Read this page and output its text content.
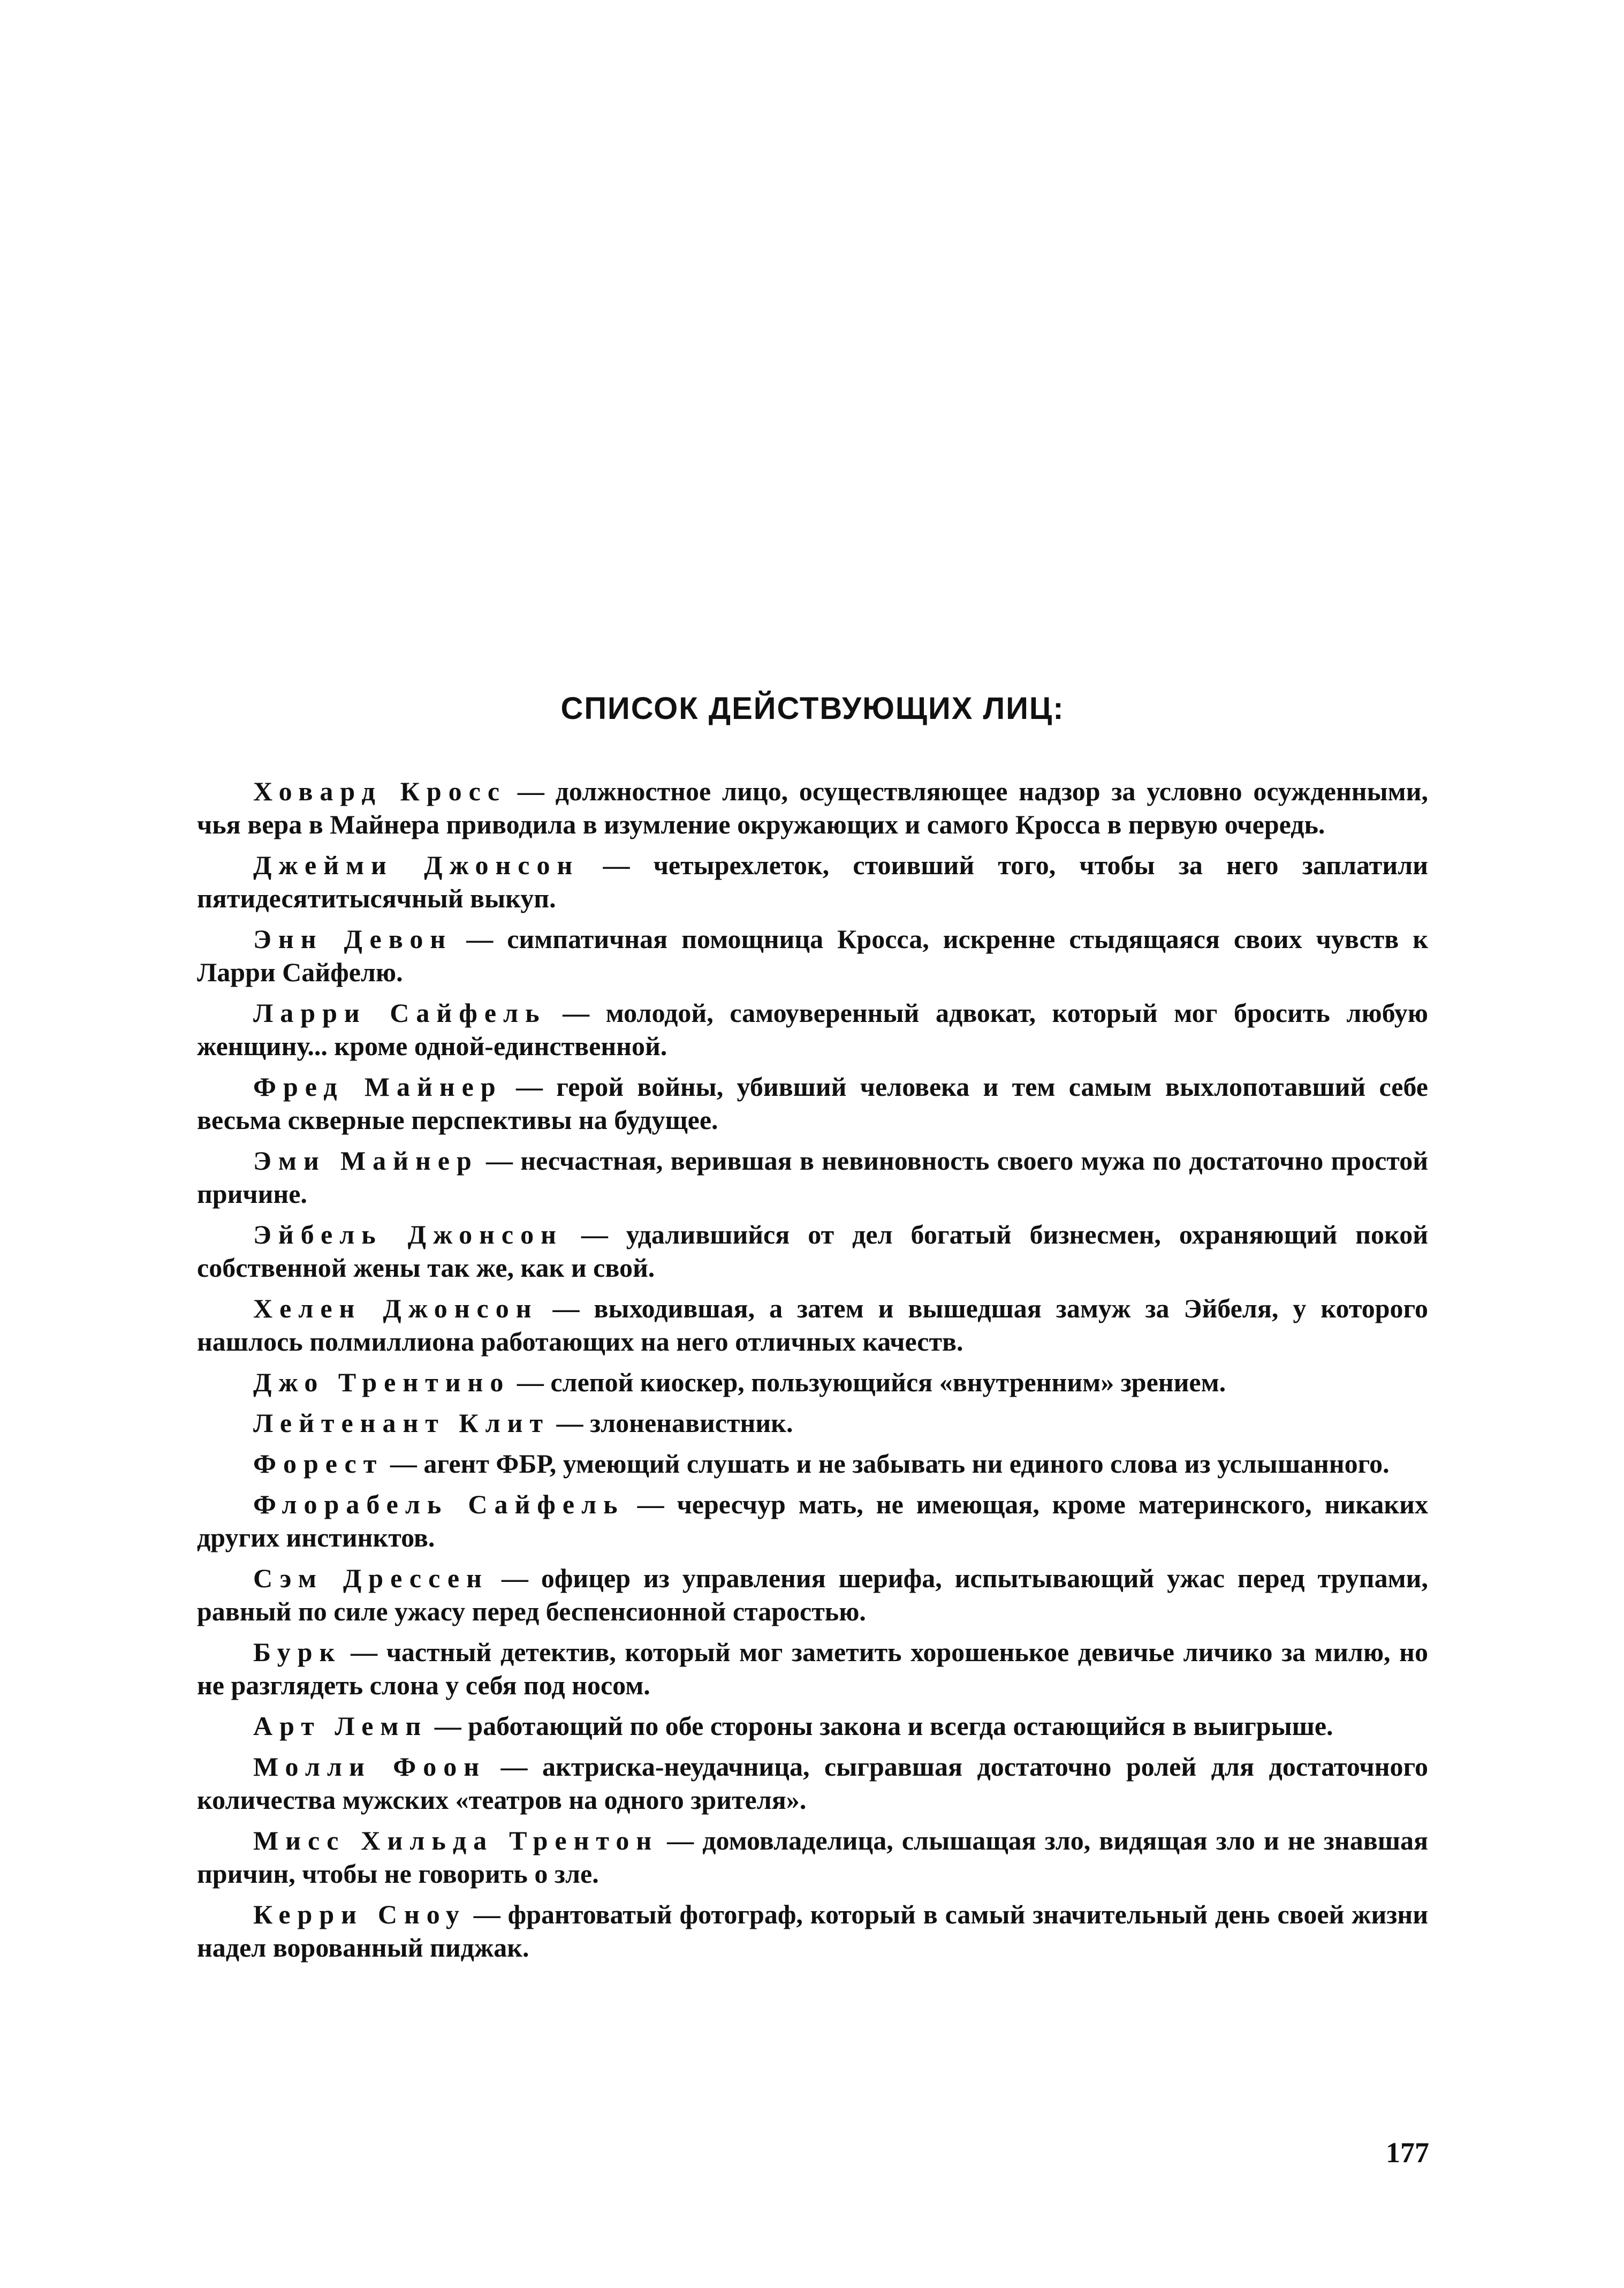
СПИСОК ДЕЙСТВУЮЩИХ ЛИЦ:

Ховард Кросс — должностное лицо, осуществляющее надзор за условно осужденными, чья вера в Майнера приводила в изумление окружающих и самого Кросса в первую очередь.

Джейми Джонсон — четырехлеток, стоивший того, чтобы за него заплатили пятидесятитысячный выкуп.

Энн Девон — симпатичная помощница Кросса, искренне стыдящаяся своих чувств к Ларри Сайфелю.

Ларри Сайфель — молодой, самоуверенный адвокат, который мог бросить любую женщину... кроме одной-единственной.

Фред Майнер — герой войны, убивший человека и тем самым выхлопотавший себе весьма скверные перспективы на будущее.

Эми Майнер — несчастная, верившая в невиновность своего мужа по достаточно простой причине.

Эйбель Джонсон — удалившийся от дел богатый бизнесмен, охраняющий покой собственной жены так же, как и свой.

Хелен Джонсон — выходившая, а затем и вышедшая замуж за Эйбеля, у которого нашлось полмиллиона работающих на него отличных качеств.

Джо Трентино — слепой киоскер, пользующийся «внутренним» зрением.

Лейтенант Клит — злоненавистник.

Форест — агент ФБР, умеющий слушать и не забывать ни единого слова из услышанного.

Флорабель Сайфель — чересчур мать, не имеющая, кроме материнского, никаких других инстинктов.

Сэм Дрессен — офицер из управления шерифа, испытывающий ужас перед трупами, равный по силе ужасу перед беспенсионной старостью.

Бурк — частный детектив, который мог заметить хорошенькое девичье личико за милю, но не разглядеть слона у себя под носом.

Арт Лемп — работающий по обе стороны закона и всегда остающийся в выигрыше.

Молли Фоон — актриска-неудачница, сыгравшая достаточно ролей для достаточного количества мужских «театров на одного зрителя».

Мисс Хильда Трентон — домовладелица, слышащая зло, видящая зло и не знавшая причин, чтобы не говорить о зле.

Керри Сноу — франтоватый фотограф, который в самый значительный день своей жизни надел ворованный пиджак.

177
